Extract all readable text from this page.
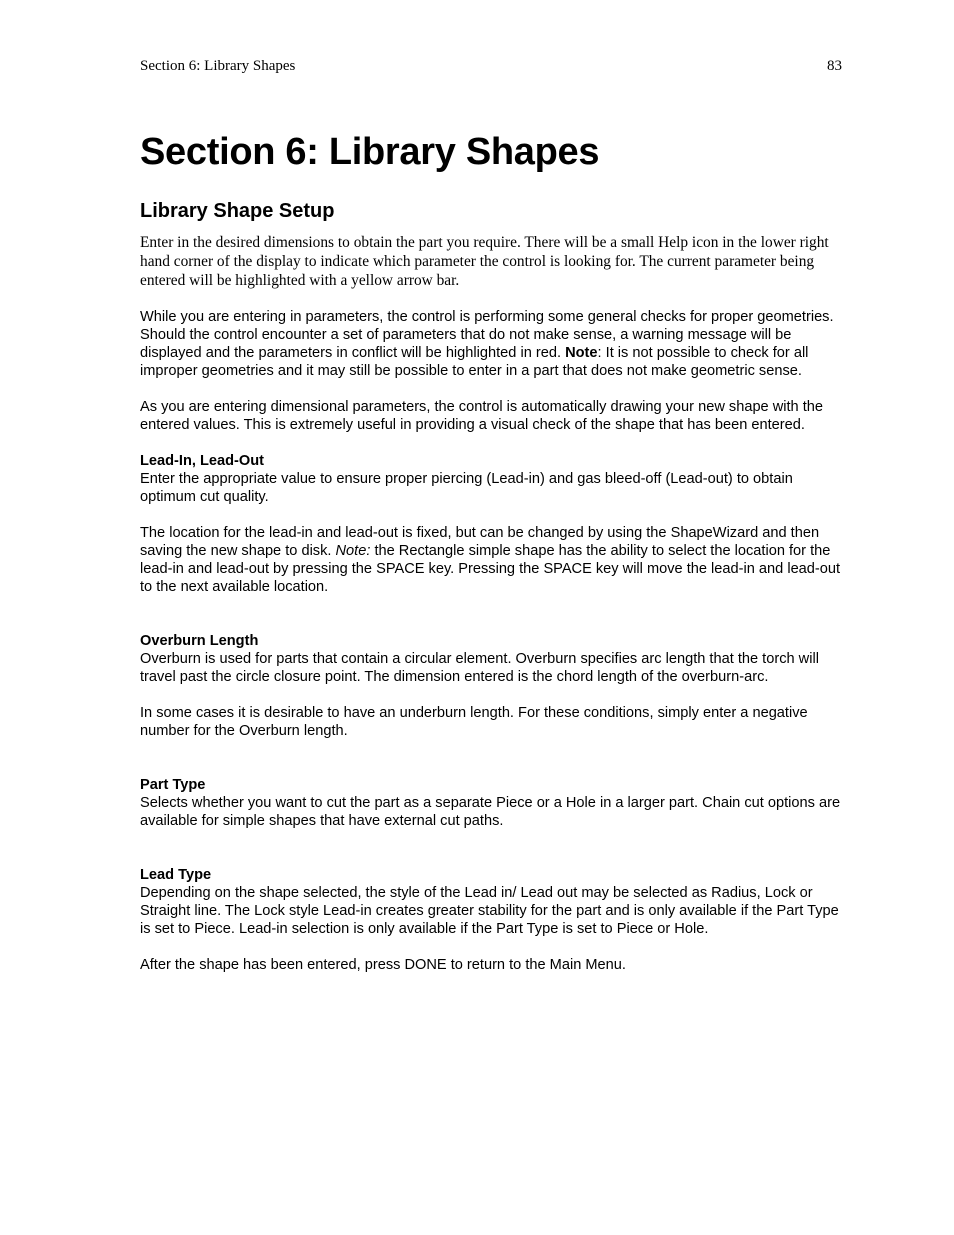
Section 6: Library Shapes	83
Section 6: Library Shapes
Library Shape Setup

Enter in the desired dimensions to obtain the part you require. There will be a small Help icon in the lower right hand corner of the display to indicate which parameter the control is looking for. The current parameter being entered will be highlighted with a yellow arrow bar.

While you are entering in parameters, the control is performing some general checks for proper geometries. Should the control encounter a set of parameters that do not make sense, a warning message will be displayed and the parameters in conflict will be highlighted in red. Note: It is not possible to check for all improper geometries and it may still be possible to enter in a part that does not make geometric sense.

As you are entering dimensional parameters, the control is automatically drawing your new shape with the entered values. This is extremely useful in providing a visual check of the shape that has been entered.

Lead-In, Lead-Out

Enter the appropriate value to ensure proper piercing (Lead-in) and gas bleed-off (Lead-out) to obtain optimum cut quality.

The location for the lead-in and lead-out is fixed, but can be changed by using the ShapeWizard and then saving the new shape to disk. Note: the Rectangle simple shape has the ability to select the location for the lead-in and lead-out by pressing the SPACE key. Pressing the SPACE key will move the lead-in and lead-out to the next available location.

Overburn Length

Overburn is used for parts that contain a circular element. Overburn specifies arc length that the torch will travel past the circle closure point. The dimension entered is the chord length of the overburn-arc.

In some cases it is desirable to have an underburn length. For these conditions, simply enter a negative number for the Overburn length.

Part Type

Selects whether you want to cut the part as a separate Piece or a Hole in a larger part. Chain cut options are available for simple shapes that have external cut paths.

Lead Type

Depending on the shape selected, the style of the Lead in/ Lead out may be selected as Radius, Lock or Straight line. The Lock style Lead-in creates greater stability for the part and is only available if the Part Type is set to Piece. Lead-in selection is only available if the Part Type is set to Piece or Hole.

After the shape has been entered, press DONE to return to the Main Menu.
